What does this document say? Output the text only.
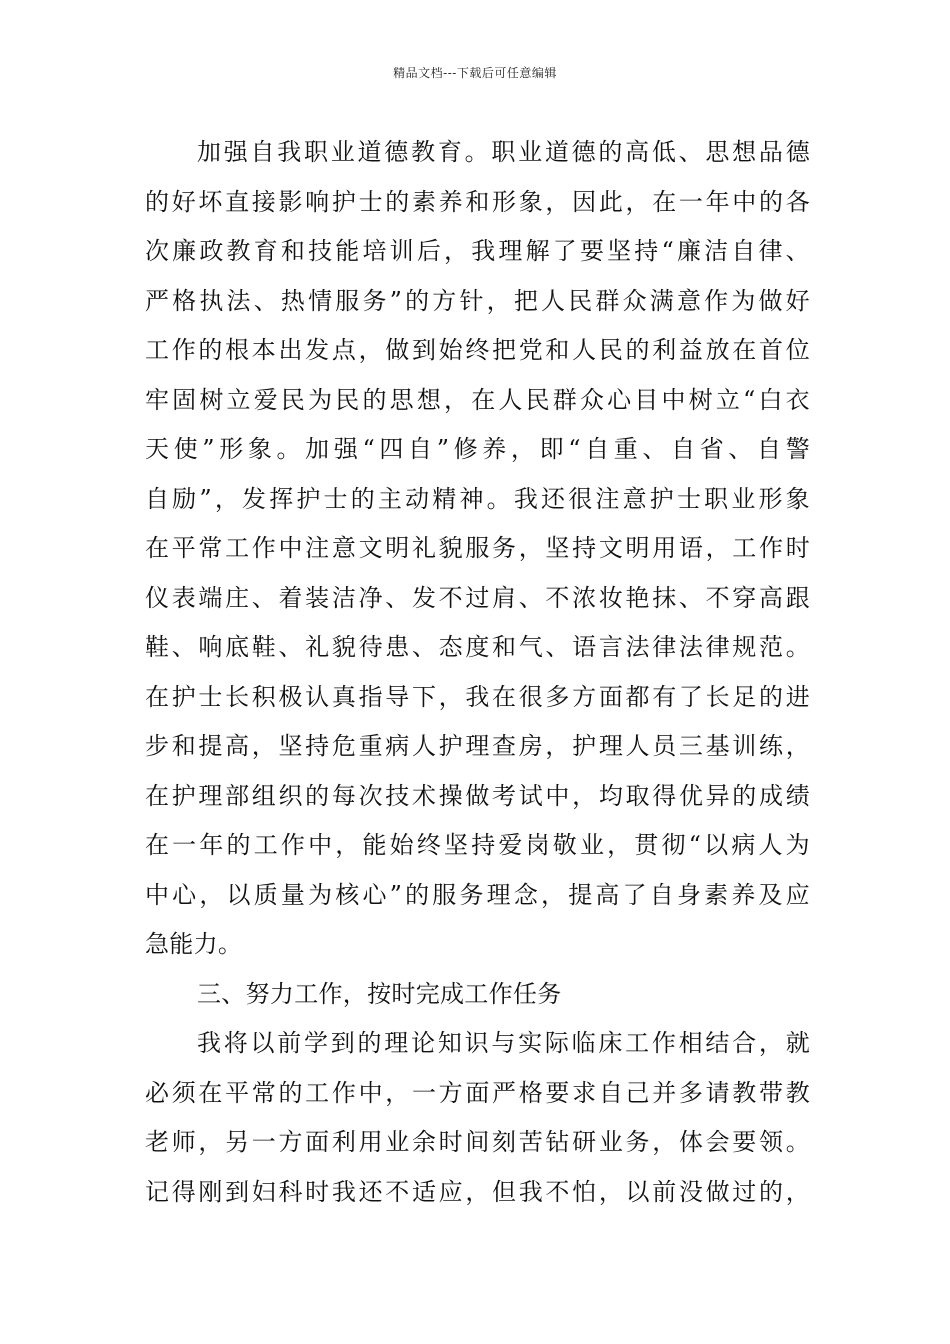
精品文档---下载后可任意编辑
加强自我职业道德教育。职业道德的高低、思想品德
的好坏直接影响护士的素养和形象，因此，在一年中的各
次廉政教育和技能培训后，我理解了要坚持“廉洁自律、
严格执法、热情服务”的方针，把人民群众满意作为做好
工作的根本出发点，做到始终把党和人民的利益放在首位
牢固树立爱民为民的思想，在人民群众心目中树立“白衣
天使”形象。加强“四自”修养，即“自重、自省、自警
自励”，发挥护士的主动精神。我还很注意护士职业形象
在平常工作中注意文明礼貌服务，坚持文明用语，工作时
仪表端庄、着装洁净、发不过肩、不浓妆艳抹、不穿高跟
鞋、响底鞋、礼貌待患、态度和气、语言法律法律规范。
在护士长积极认真指导下，我在很多方面都有了长足的进
步和提高，坚持危重病人护理查房，护理人员三基训练，
在护理部组织的每次技术操做考试中，均取得优异的成绩
在一年的工作中，能始终坚持爱岗敬业，贯彻“以病人为
中心，以质量为核心”的服务理念，提高了自身素养及应
急能力。
三、努力工作，按时完成工作任务
我将以前学到的理论知识与实际临床工作相结合，就
必须在平常的工作中，一方面严格要求自己并多请教带教
老师，另一方面利用业余时间刻苦钻研业务，体会要领。
记得刚到妇科时我还不适应，但我不怕，以前没做过的，
